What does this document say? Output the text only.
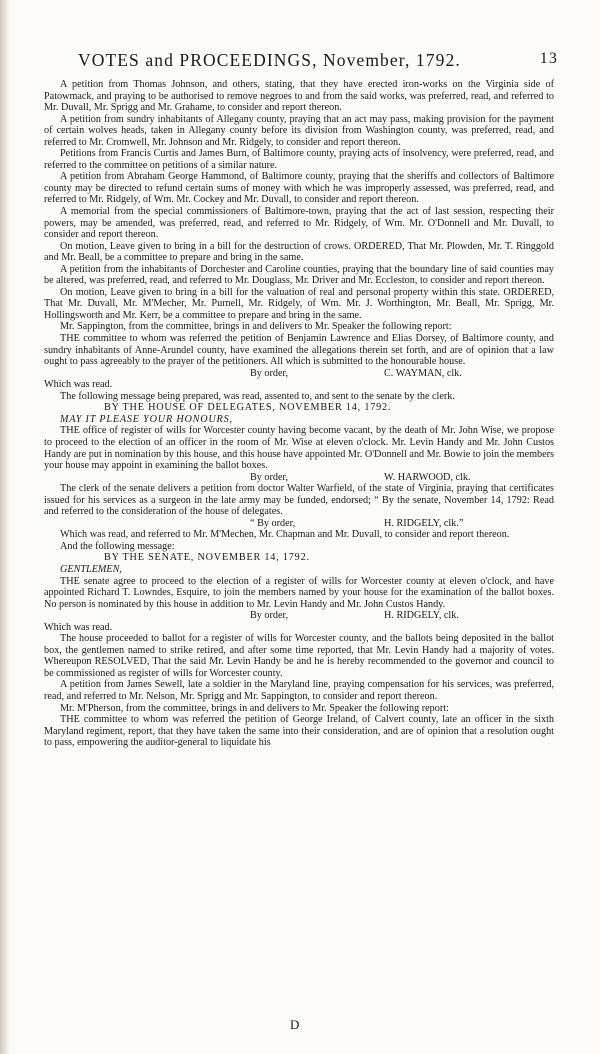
VOTES and PROCEEDINGS, November, 1792.	13

A petition from Thomas Johnson, and others, stating, that they have erected iron-works on the Virginia side of Patowmack, and praying to be authorised to remove negroes to and from the said works, was preferred, read, and referred to Mr. Duvall, Mr. Sprigg and Mr. Grahame, to consider and report thereon.

A petition from sundry inhabitants of Allegany county, praying that an act may pass, making provision for the payment of certain wolves heads, taken in Allegany county before its division from Washington county, was preferred, read, and referred to Mr. Cromwell, Mr. Johnson and Mr. Ridgely, to consider and report thereon.

Petitions from Francis Curtis and James Burn, of Baltimore county, praying acts of insolvency, were preferred, read, and referred to the committee on petitions of a similar nature.

A petition from Abraham George Hammond, of Baltimore county, praying that the sheriffs and collectors of Baltimore county may be directed to refund certain sums of money with which he was improperly assessed, was preferred, read, and referred to Mr. Ridgely, of Wm. Mr. Cockey and Mr. Duvall, to consider and report thereon.

A memorial from the special commissioners of Baltimore-town, praying that the act of last session, respecting their powers, may be amended, was preferred, read, and referred to Mr. Ridgely, of Wm. Mr. O'Donnell and Mr. Duvall, to consider and report thereon.

On motion, Leave given to bring in a bill for the destruction of crows. ORDERED, That Mr. Plowden, Mr. T. Ringgold and Mr. Beall, be a committee to prepare and bring in the same.

A petition from the inhabitants of Dorchester and Caroline counties, praying that the boundary line of said counties may be altered, was preferred, read, and referred to Mr. Douglass, Mr. Driver and Mr. Eccleston, to consider and report thereon.

On motion, Leave given to bring in a bill for the valuation of real and personal property within this state. ORDERED, That Mr. Duvall, Mr. M'Mecher, Mr. Purnell, Mr. Ridgely, of Wm. Mr. J. Worthington, Mr. Beall, Mr. Sprigg, Mr. Hollingsworth and Mr. Kerr, be a committee to prepare and bring in the same.

Mr. Sappington, from the committee, brings in and delivers to Mr. Speaker the following report:

THE committee to whom was referred the petition of Benjamin Lawrence and Elias Dorsey, of Baltimore county, and sundry inhabitants of Anne-Arundel county, have examined the allegations therein set forth, and are of opinion that a law ought to pass agreeably to the prayer of the petitioners. All which is submitted to the honourable house.

By order,	C. WAYMAN, clk.

Which was read.

The following message being prepared, was read, assented to, and sent to the senate by the clerk.

BY THE HOUSE OF DELEGATES, NOVEMBER 14, 1792.

MAY IT PLEASE YOUR HONOURS,

THE office of register of wills for Worcester county having become vacant, by the death of Mr. John Wise, we propose to proceed to the election of an officer in the room of Mr. Wise at eleven o'clock. Mr. Levin Handy and Mr. John Custos Handy are put in nomination by this house, and this house have appointed Mr. O'Donnell and Mr. Bowie to join the members your house may appoint in examining the ballot boxes.

By order,	W. HARWOOD, clk.

The clerk of the senate delivers a petition from doctor Walter Warfield, of the state of Virginia, praying that certificates issued for his services as a surgeon in the late army may be funded, endorsed; “ By the senate, November 14, 1792: Read and referred to the consideration of the house of delegates.

“ By order,	H. RIDGELY, clk.”

Which was read, and referred to Mr. M'Mechen, Mr. Chapman and Mr. Duvall, to consider and report thereon.

And the following message:

BY THE SENATE, NOVEMBER 14, 1792.

GENTLEMEN,

THE senate agree to proceed to the election of a register of wills for Worcester county at eleven o'clock, and have appointed Richard T. Lowndes, Esquire, to join the members named by your house for the examination of the ballot boxes. No person is nominated by this house in addition to Mr. Levin Handy and Mr. John Custos Handy.

By order,	H. RIDGELY, clk.

Which was read.

The house proceeded to ballot for a register of wills for Worcester county, and the ballots being deposited in the ballot box, the gentlemen named to strike retired, and after some time reported, that Mr. Levin Handy had a majority of votes. Whereupon RESOLVED, That the said Mr. Levin Handy be and he is hereby recommended to the governor and council to be commissioned as register of wills for Worcester county.

A petition from James Sewell, late a soldier in the Maryland line, praying compensation for his services, was preferred, read, and referred to Mr. Nelson, Mr. Sprigg and Mr. Sappington, to consider and report thereon.

Mr. M'Pherson, from the committee, brings in and delivers to Mr. Speaker the following report:

THE committee to whom was referred the petition of George Ireland, of Calvert county, late an officer in the sixth Maryland regiment, report, that they have taken the same into their consideration, and are of opinion that a resolution ought to pass, empowering the auditor-general to liquidate his

D
